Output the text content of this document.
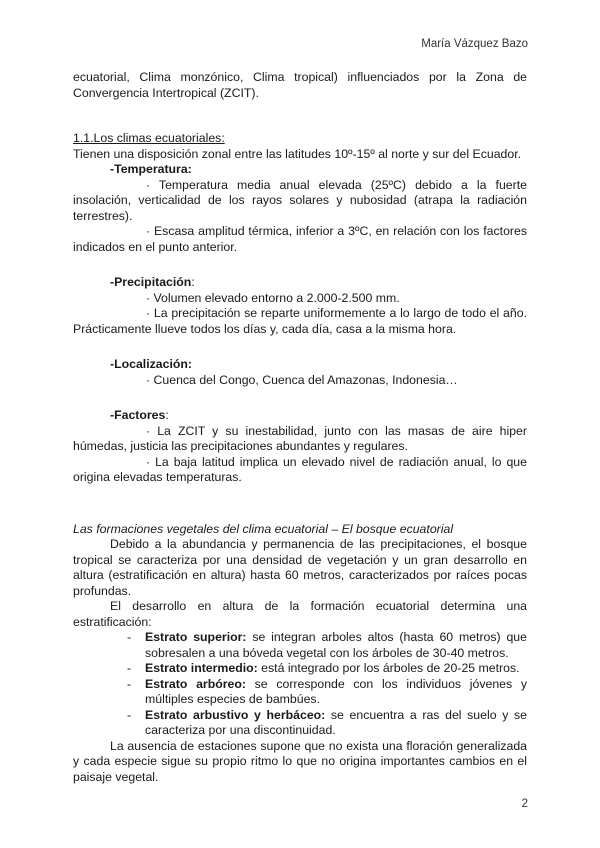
María Vázquez Bazo

ecuatorial, Clima monzónico, Clima tropical) influenciados por la Zona de Convergencia Intertropical (ZCIT).

1.1.Los climas ecuatoriales:

Tienen una disposición zonal entre las latitudes 10º-15º al norte y sur del Ecuador.

-Temperatura:

· Temperatura media anual elevada (25ºC) debido a la fuerte insolación, verticalidad de los rayos solares y nubosidad (atrapa la radiación terrestres).

· Escasa amplitud térmica, inferior a 3ºC, en relación con los factores indicados en el punto anterior.

-Precipitación:

· Volumen elevado entorno a 2.000-2.500 mm.

· La precipitación se reparte uniformemente a lo largo de todo el año. Prácticamente llueve todos los días y, cada día, casa a la misma hora.

-Localización:

· Cuenca del Congo, Cuenca del Amazonas, Indonesia…

-Factores:

· La ZCIT y su inestabilidad, junto con las masas de aire hiper húmedas, justicia las precipitaciones abundantes y regulares.

· La baja latitud implica un elevado nivel de radiación anual, lo que origina elevadas temperaturas.

Las formaciones vegetales del clima ecuatorial – El bosque ecuatorial

Debido a la abundancia y permanencia de las precipitaciones, el bosque tropical se caracteriza por una densidad de vegetación y un gran desarrollo en altura (estratificación en altura) hasta 60 metros, caracterizados por raíces pocas profundas.

El desarrollo en altura de la formación ecuatorial determina una estratificación:

- Estrato superior: se integran arboles altos (hasta 60 metros) que sobresalen a una bóveda vegetal con los árboles de 30-40 metros.
- Estrato intermedio: está integrado por los árboles de 20-25 metros.
- Estrato arbóreo: se corresponde con los individuos jóvenes y múltiples especies de bambúes.
- Estrato arbustivo y herbáceo: se encuentra a ras del suelo y se caracteriza por una discontinuidad.

La ausencia de estaciones supone que no exista una floración generalizada y cada especie sigue su propio ritmo lo que no origina importantes cambios en el paisaje vegetal.

2
